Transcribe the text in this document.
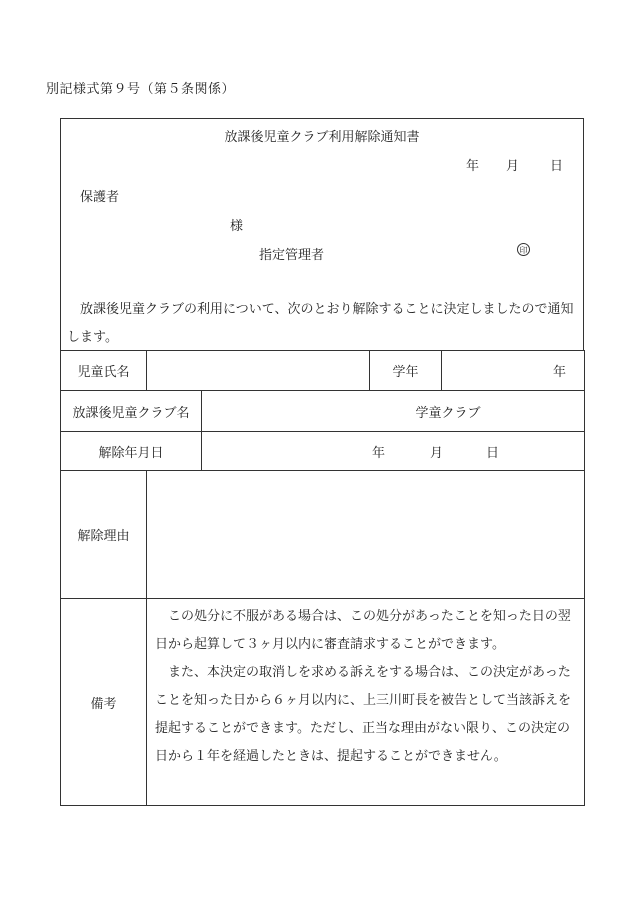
別記様式第９号（第５条関係）
放課後児童クラブ利用解除通知書
年 月 日
保護者
様
指定管理者	印
放課後児童クラブの利用について、次のとおり解除することに決定しましたので通知します。
児童氏名			学年	年
放課後児童クラブ名		学童クラブ		
解除年月日		年 月 日		
解除理由				
備考	この処分に不服がある場合は、この処分があったことを知った日の翌日から起算して３ヶ月以内に審査請求することができます。

また、本決定の取消しを求める訴えをする場合は、この決定があったことを知った日から６ヶ月以内に、上三川町長を被告として当該訴えを提起することができます。ただし、正当な理由がない限り、この決定の日から１年を経過したときは、提起することができません。			
